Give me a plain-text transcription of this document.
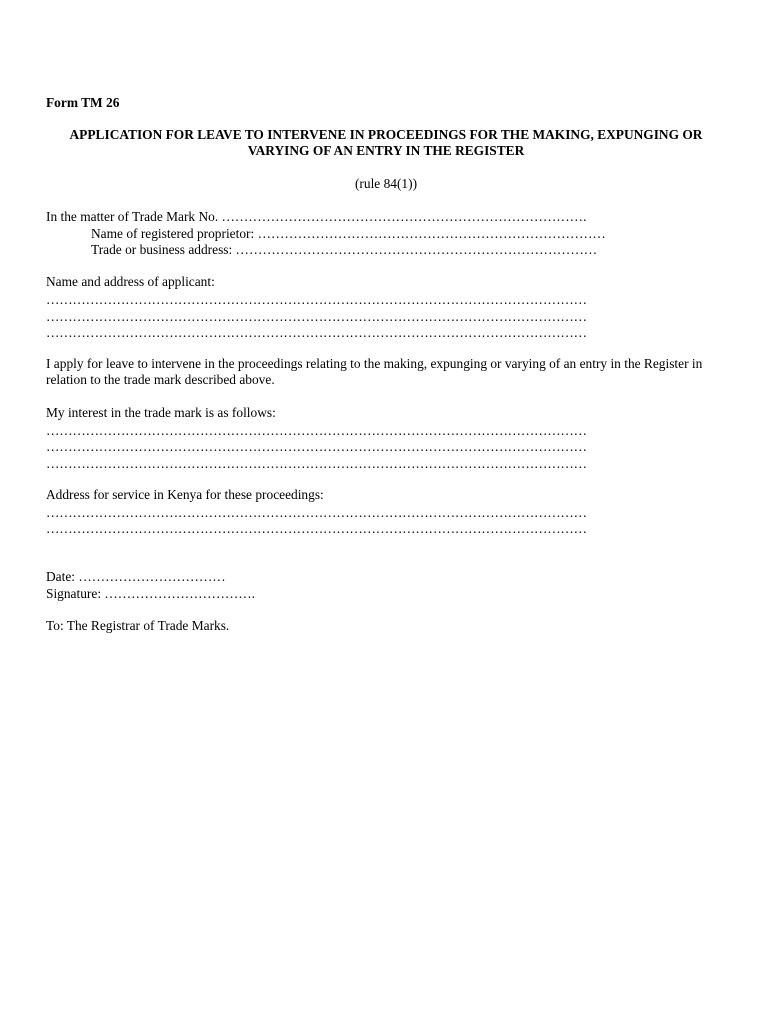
Form TM 26
APPLICATION FOR LEAVE TO INTERVENE IN PROCEEDINGS FOR THE MAKING, EXPUNGING OR VARYING OF AN ENTRY IN THE REGISTER
(rule 84(1))
In the matter of Trade Mark No. ……………………………………………………………………….
Name of registered proprietor: ……………………………………………………………………
Trade or business address: ………………………………………………………………………
Name and address of applicant:
……………………………………………………………………………………………………………
……………………………………………………………………………………………………………
……………………………………………………………………………………………………………
I apply for leave to intervene in the proceedings relating to the making, expunging or varying of an entry in the Register in relation to the trade mark described above.
My interest in the trade mark is as follows:
……………………………………………………………………………………………………………
……………………………………………………………………………………………………………
……………………………………………………………………………………………………………
Address for service in Kenya for these proceedings:
……………………………………………………………………………………………………………
……………………………………………………………………………………………………………
Date: ……………………………
Signature: …………………………….
To: The Registrar of Trade Marks.
